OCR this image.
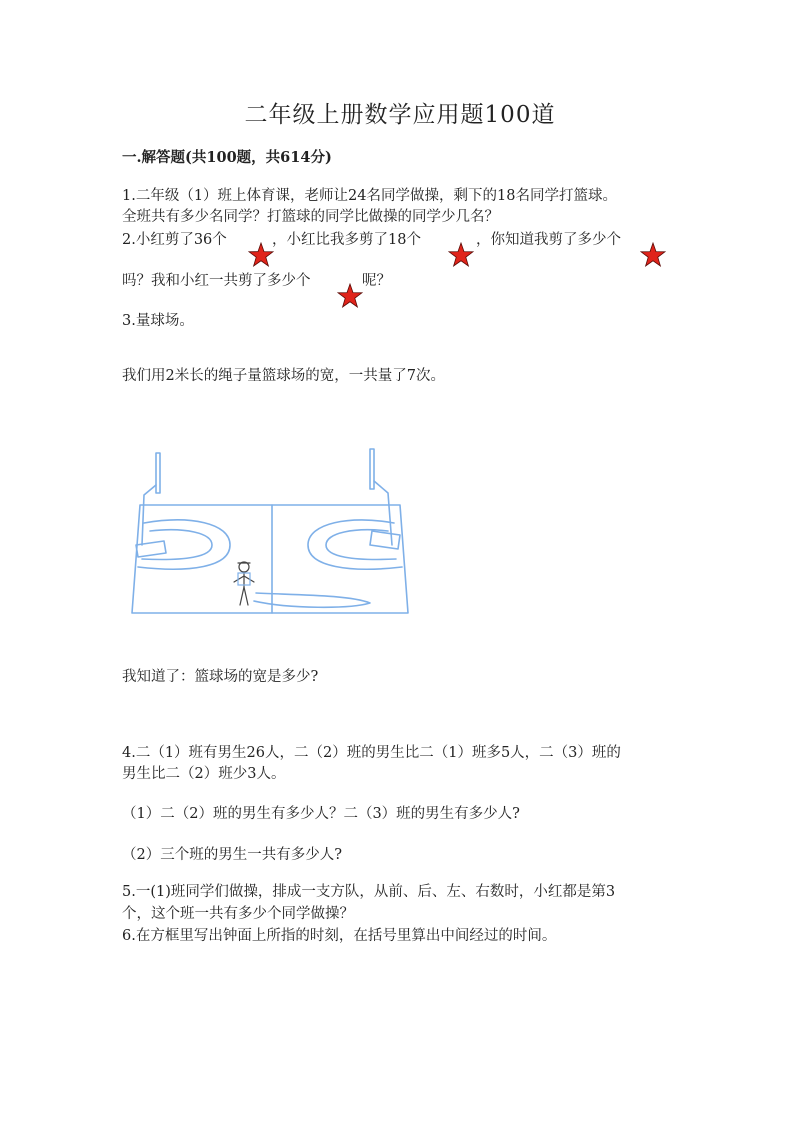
二年级上册数学应用题100道
一.解答题(共100题，共614分)
1.二年级（1）班上体育课，老师让24名同学做操，剩下的18名同学打篮球。
全班共有多少名同学？打篮球的同学比做操的同学少几名？
2.小红剪了36个	，小红比我多剪了18个	，你知道我剪了多少个
吗？我和小红一共剪了多少个	呢？
3.量球场。
我们用2米长的绳子量篮球场的宽，一共量了7次。
我知道了：篮球场的宽是多少?
4.二（1）班有男生26人，二（2）班的男生比二（1）班多5人，二（3）班的
男生比二（2）班少3人。
（1）二（2）班的男生有多少人？二（3）班的男生有多少人?
（2）三个班的男生一共有多少人?
5.一(1)班同学们做操，排成一支方队，从前、后、左、右数时，小红都是第3
个，这个班一共有多少个同学做操？
6.在方框里写出钟面上所指的时刻，在括号里算出中间经过的时间。
